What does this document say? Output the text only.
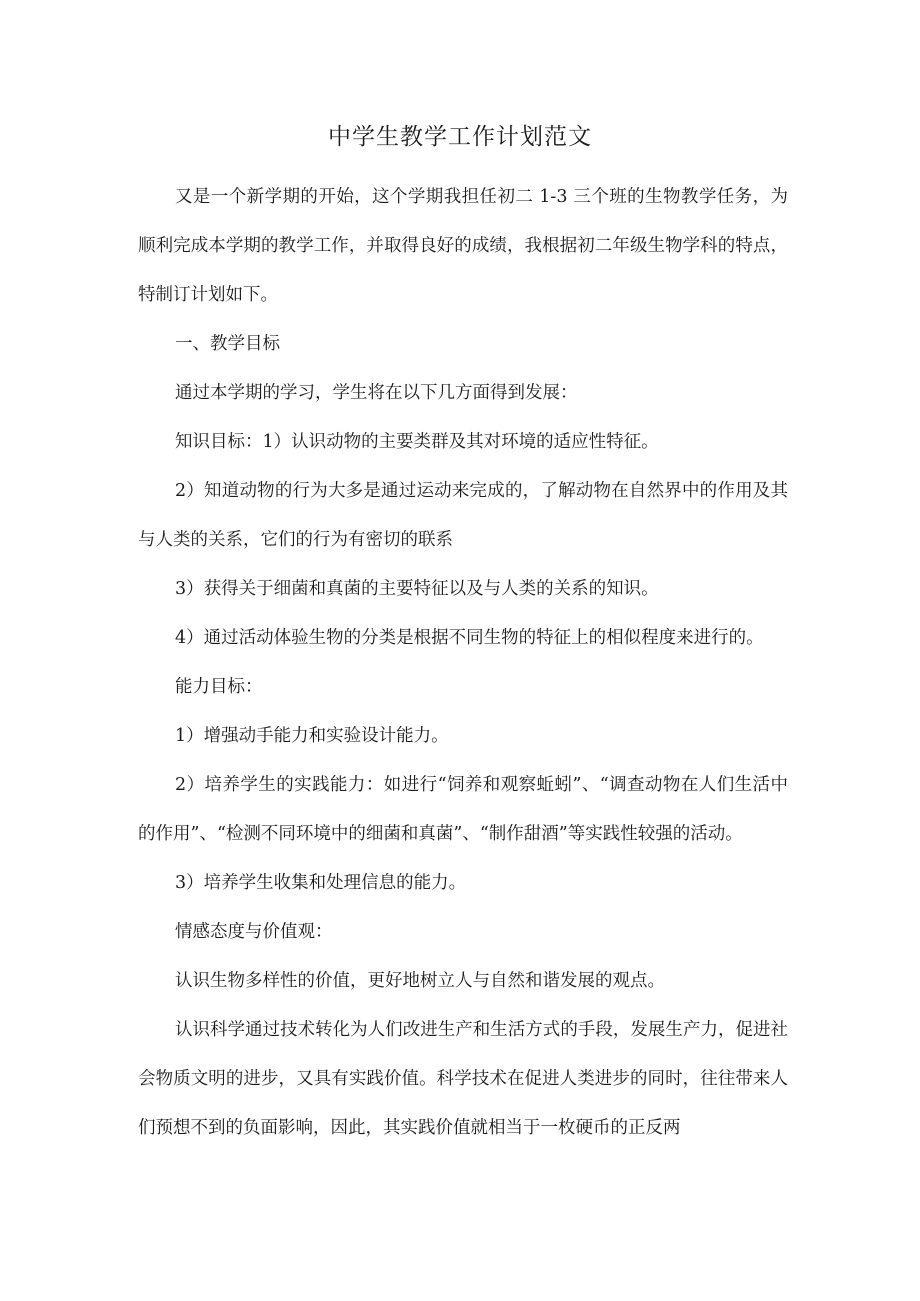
中学生教学工作计划范文

又是一个新学期的开始，这个学期我担任初二 1-3 三个班的生物教学任务，为顺利完成本学期的教学工作，并取得良好的成绩，我根据初二年级生物学科的特点，特制订计划如下。

一、教学目标

通过本学期的学习，学生将在以下几方面得到发展：

知识目标：1）认识动物的主要类群及其对环境的适应性特征。

2）知道动物的行为大多是通过运动来完成的，了解动物在自然界中的作用及其与人类的关系，它们的行为有密切的联系

3）获得关于细菌和真菌的主要特征以及与人类的关系的知识。

4）通过活动体验生物的分类是根据不同生物的特征上的相似程度来进行的。

能力目标：

1）增强动手能力和实验设计能力。

2）培养学生的实践能力：如进行“饲养和观察蚯蚓”、“调查动物在人们生活中的作用”、“检测不同环境中的细菌和真菌”、“制作甜酒”等实践性较强的活动。

3）培养学生收集和处理信息的能力。

情感态度与价值观：

认识生物多样性的价值，更好地树立人与自然和谐发展的观点。

认识科学通过技术转化为人们改进生产和生活方式的手段，发展生产力，促进社会物质文明的进步，又具有实践价值。科学技术在促进人类进步的同时，往往带来人们预想不到的负面影响，因此，其实践价值就相当于一枚硬币的正反两
